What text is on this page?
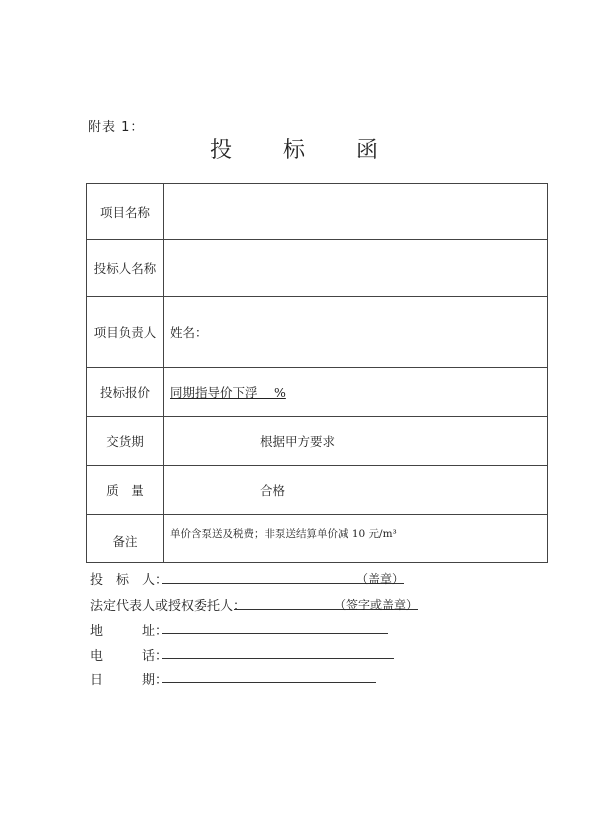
附表 1：
投 标 函
项目名称	
投标人名称	
项目负责人	姓名：
投标报价	同期指导价下浮 　%
交货期	根据甲方要求

质　量	合格

备注	$^{单价含泵送及税费;非泵送结算单价减 10 元/m^3}$
投　标　人：	（盖章）
法定代表人或授权委托人：	（签字或盖章）
地　　　址：
电　　　话：
日　　　期：
